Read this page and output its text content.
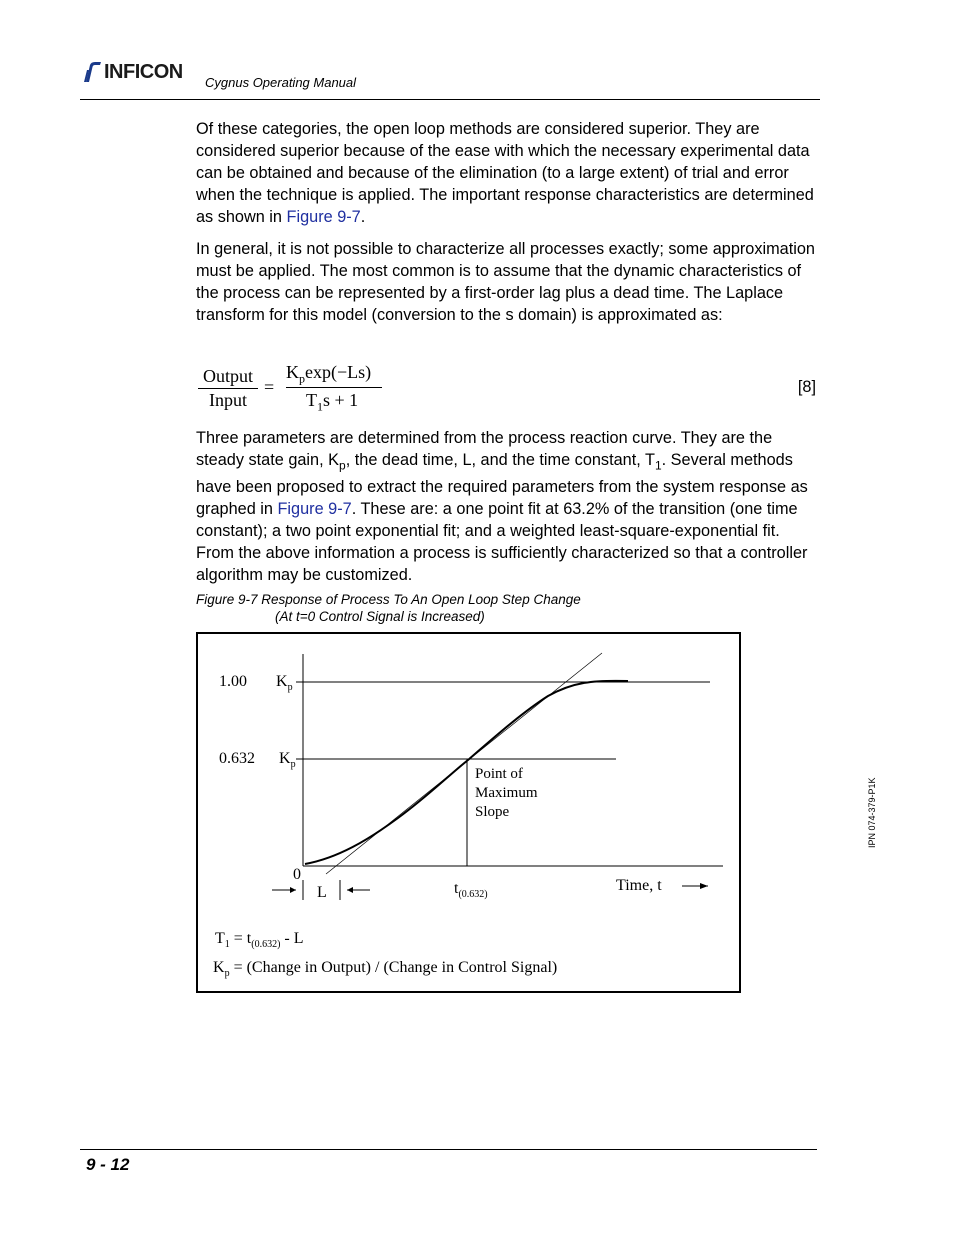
INFICON Cygnus Operating Manual

Of these categories, the open loop methods are considered superior. They are considered superior because of the ease with which the necessary experimental data can be obtained and because of the elimination (to a large extent) of trial and error when the technique is applied. The important response characteristics are determined as shown in Figure 9-7.

In general, it is not possible to characterize all processes exactly; some approximation must be applied. The most common is to assume that the dynamic characteristics of the process can be represented by a first-order lag plus a dead time. The Laplace transform for this model (conversion to the s domain) is approximated as:

Output
Input
=
$K_p\exp(-Ls)$
$T_1s + 1$
[8]

Three parameters are determined from the process reaction curve. They are the steady state gain, $K_p$, the dead time, L, and the time constant, $T_1$. Several methods have been proposed to extract the required parameters from the system response as graphed in Figure 9-7. These are: a one point fit at 63.2% of the transition (one time constant); a two point exponential fit; and a weighted least-square-exponential fit. From the above information a process is sufficiently characterized so that a controller algorithm may be customized.

Figure 9-7 Response of Process To An Open Loop Step Change
(At t=0 Control Signal is Increased)
1.00 $K_p$
0.632 $K_p$
0
L	$t_{(0.632)}$
Time, t
Point of
Maximum
Slope
$T_1 = t_{(0.632)} - L$
$K_p$ = (Change in Output) / (Change in Control Signal)
IPN 074-379-P1K
9 - 12
